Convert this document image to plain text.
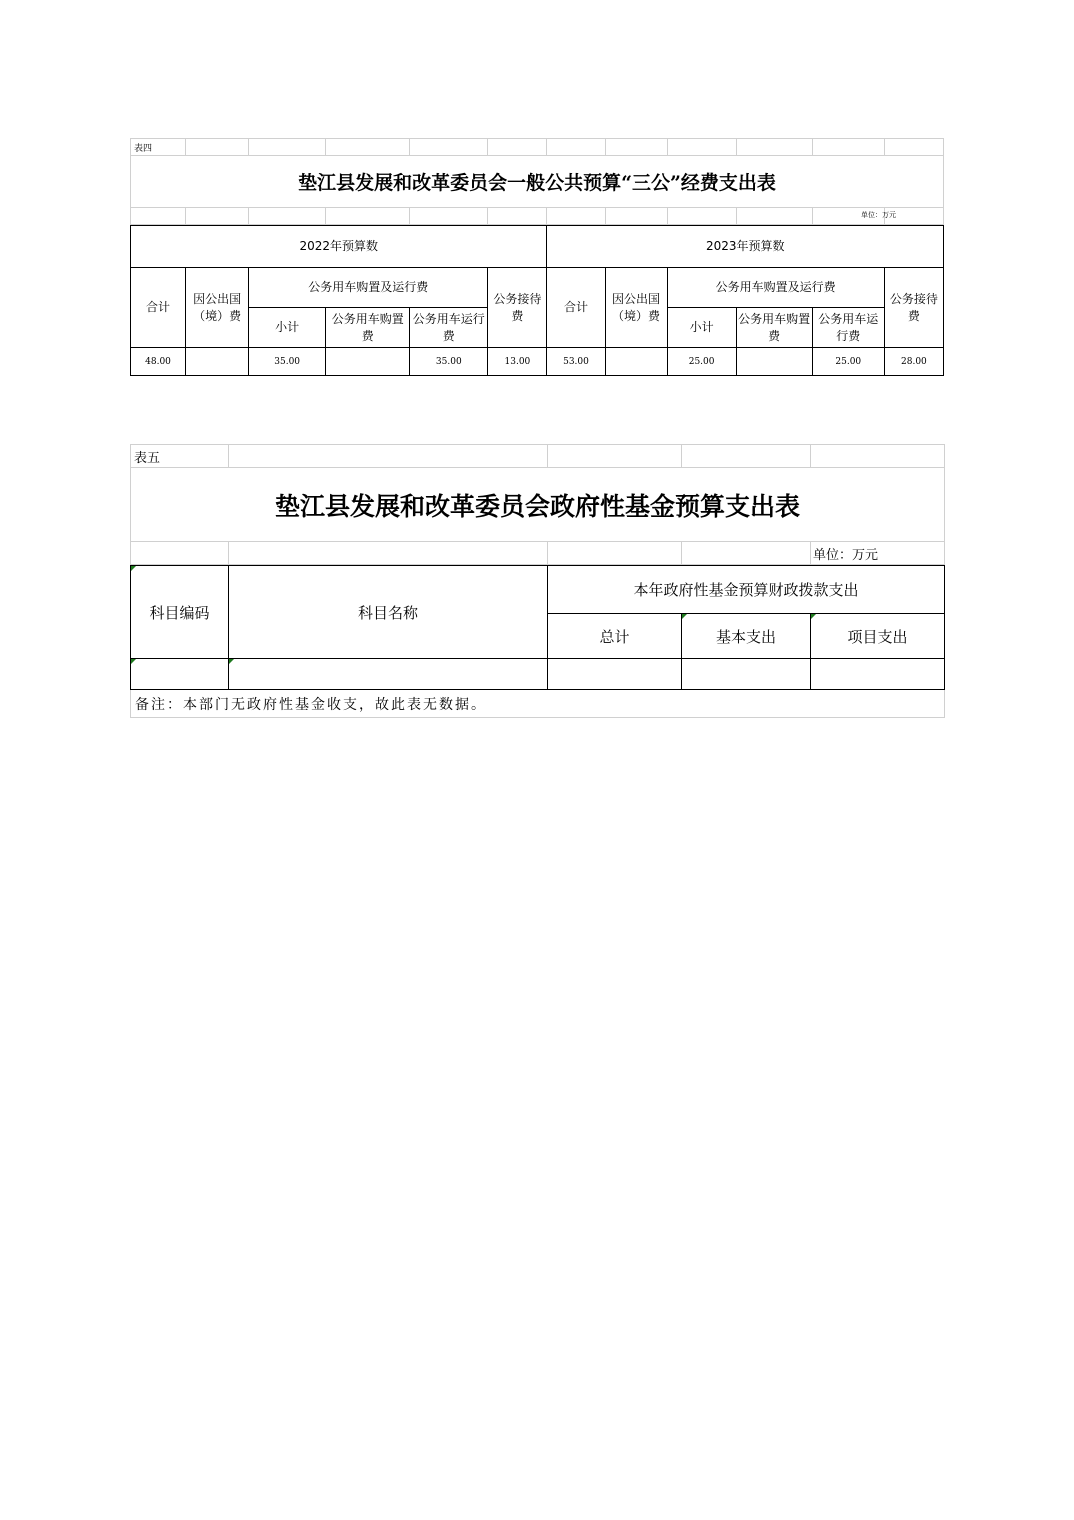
表四											
垫江县发展和改革委员会一般公共预算“三公”经费支出表											

单位：万元
2022年预算数						2023年预算数					
合计	因公出国（境）费	公务用车购置及运行费			公务接待费	合计	因公出国（境）费	公务用车购置及运行费			公务接待费
		小计	公务用车购置费	公务用车运行费				小计	公务用车购置费	公务用车运行费	
48.00		35.00		35.00	13.00	53.00		25.00		25.00	28.00
表五				
垫江县发展和改革委员会政府性基金预算支出表				
				单位：万元
科目编码	科目名称	本年政府性基金预算财政拨款支出		
		总计	基本支出	项目支出

备注：本部门无政府性基金收支，故此表无数据。				
